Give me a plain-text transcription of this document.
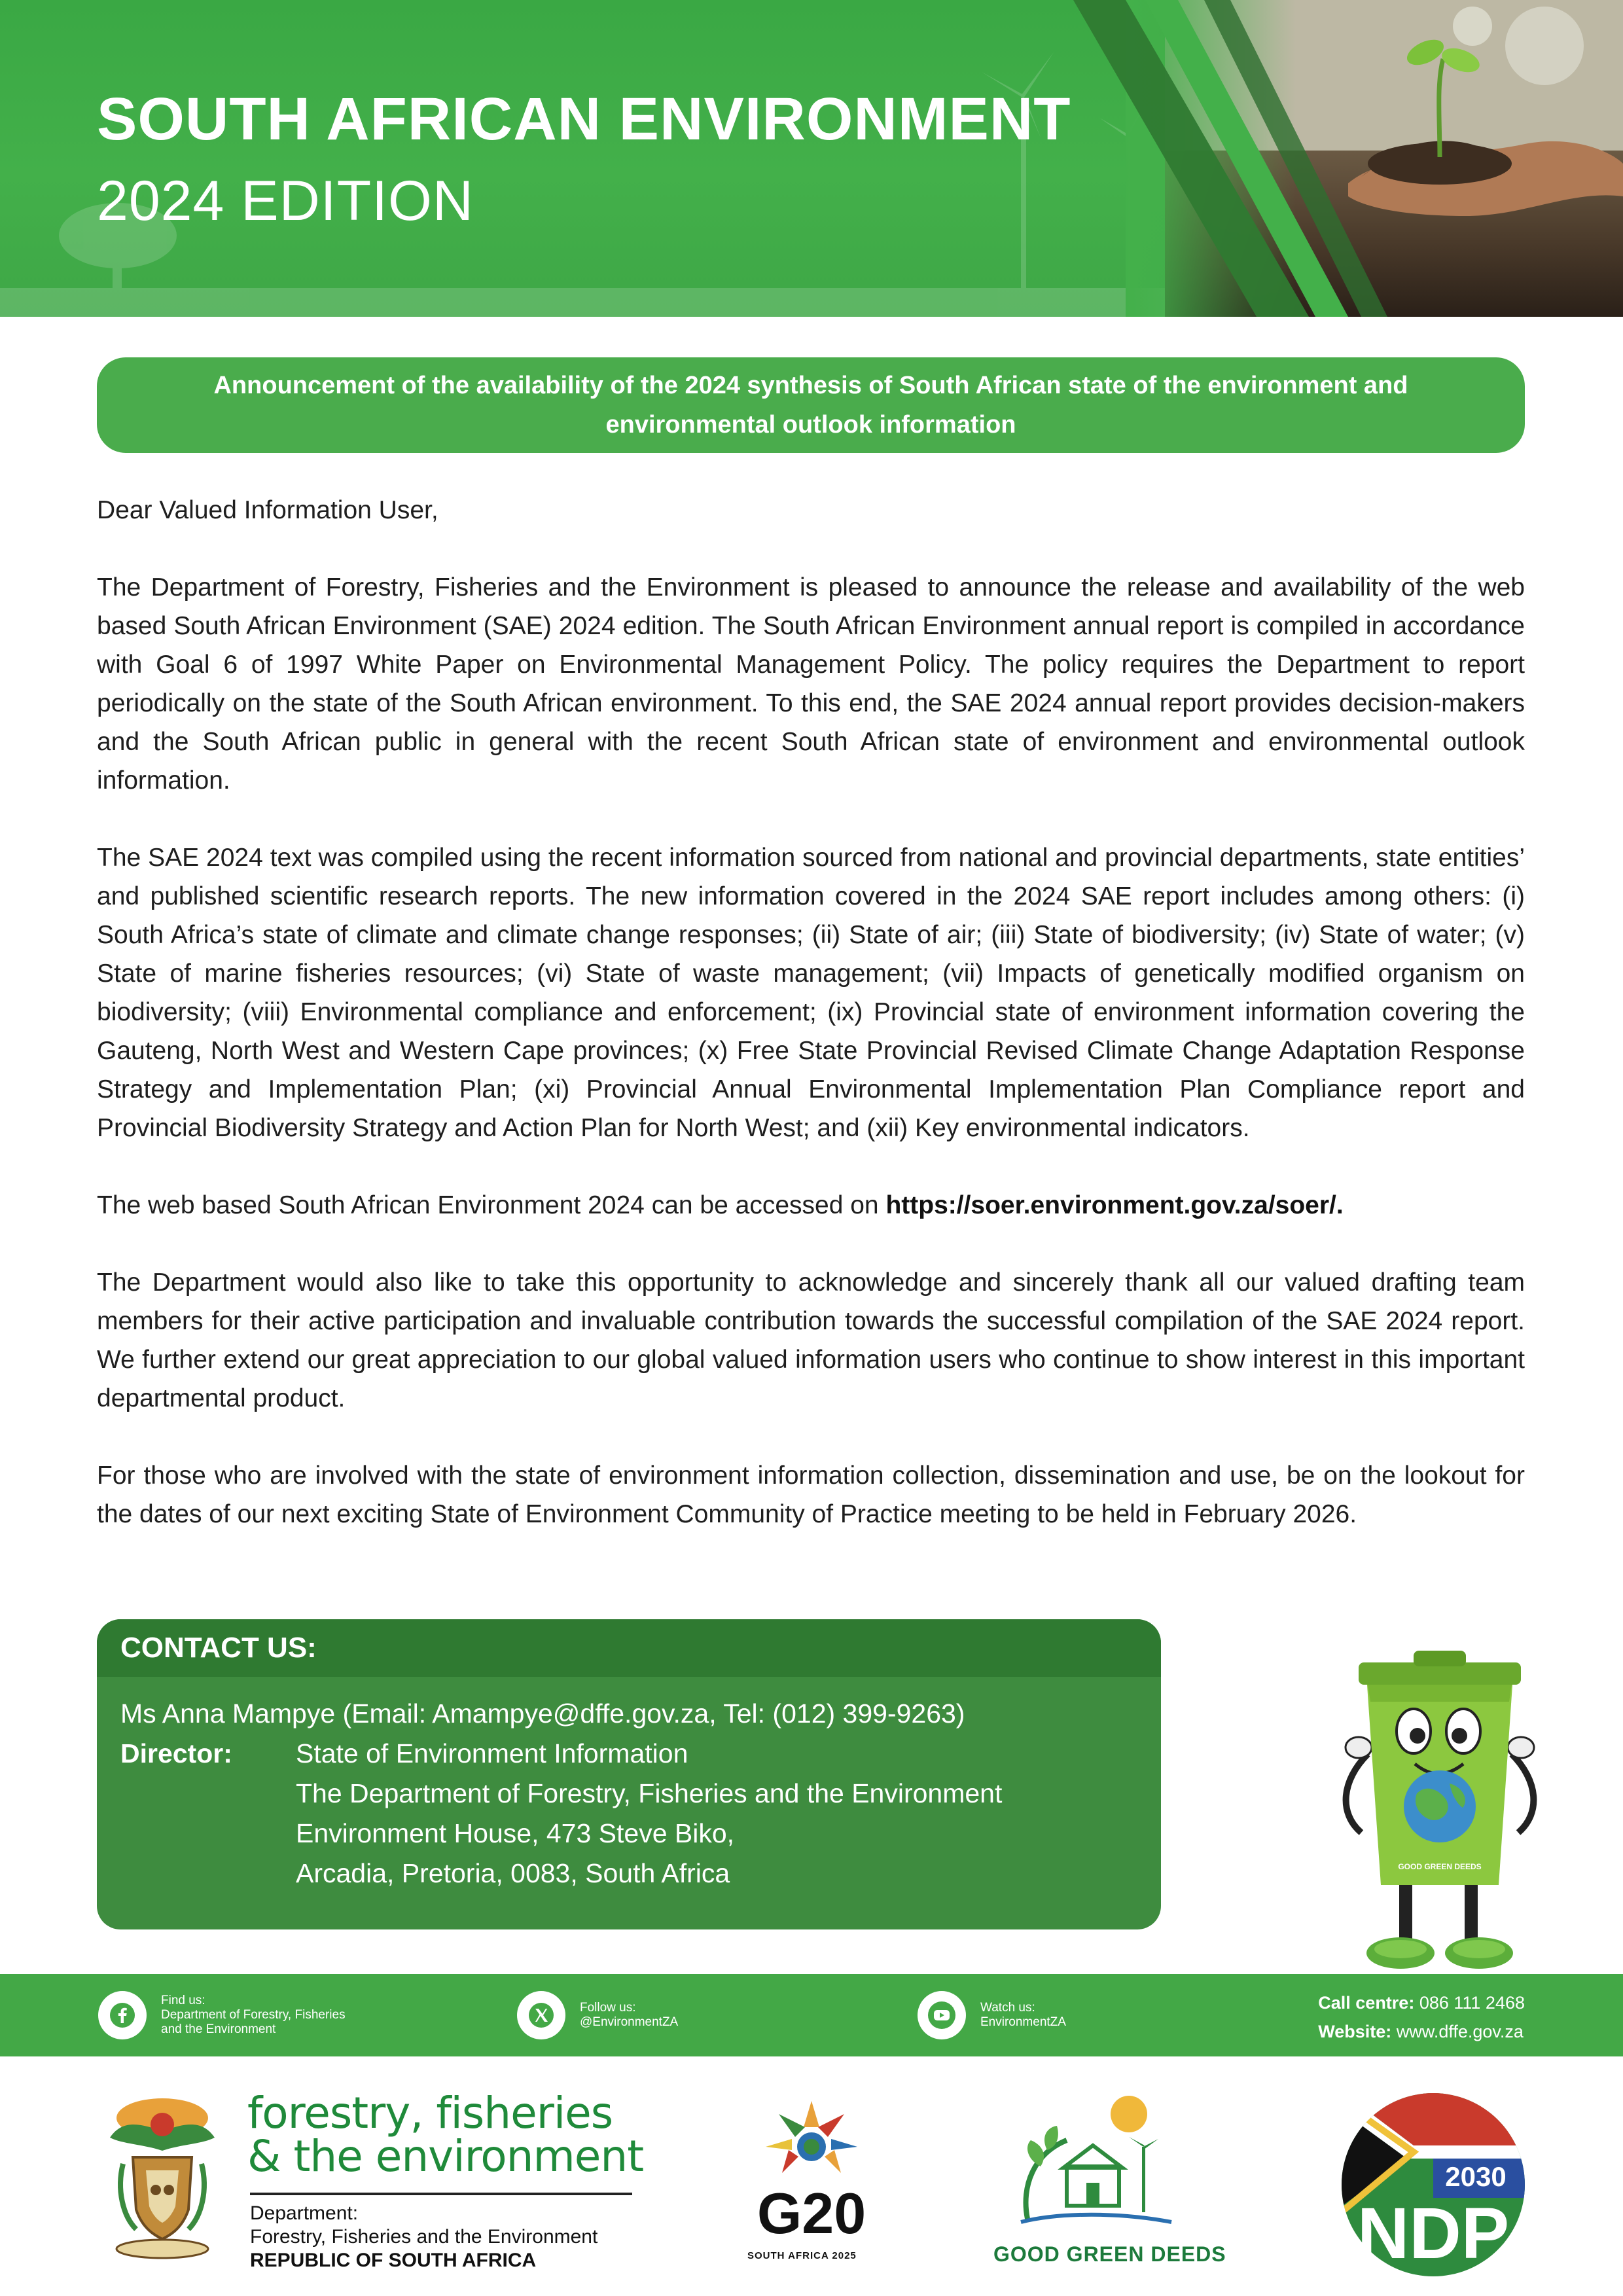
SOUTH AFRICAN ENVIRONMENT
2024 EDITION
Announcement of the availability of the 2024 synthesis of South African state of the environment and
environmental outlook information

Dear Valued Information User,

The Department of Forestry, Fisheries and the Environment is pleased to announce the release and availability of the web based South African Environment (SAE) 2024 edition. The South African Environment annual report is compiled in accordance with Goal 6 of 1997 White Paper on Environmental Management Policy. The policy requires the Department to report periodically on the state of the South African environment. To this end, the SAE 2024 annual report provides decision-makers and the South African public in general with the recent South African state of environment and environmental outlook information.

The SAE 2024 text was compiled using the recent information sourced from national and provincial departments, state entities’ and published scientific research reports. The new information covered in the 2024 SAE report includes among others: (i) South Africa’s state of climate and climate change responses; (ii) State of air; (iii) State of biodiversity; (iv) State of water; (v) State of marine fisheries resources; (vi) State of waste management; (vii) Impacts of genetically modified organism on biodiversity; (viii) Environmental compliance and enforcement; (ix) Provincial state of environment information covering the Gauteng, North West and Western Cape provinces; (x) Free State Provincial Revised Climate Change Adaptation Response Strategy and Implementation Plan; (xi) Provincial Annual Environmental Implementation Plan Compliance report and Provincial Biodiversity Strategy and Action Plan for North West; and (xii) Key environmental indicators.

The web based South African Environment 2024 can be accessed on https://soer.environment.gov.za/soer/.

The Department would also like to take this opportunity to acknowledge and sincerely thank all our valued drafting team members for their active participation and invaluable contribution towards the successful compilation of the SAE 2024 report. We further extend our great appreciation to our global valued information users who continue to show interest in this important departmental product.

For those who are involved with the state of environment information collection, dissemination and use, be on the lookout for the dates of our next exciting State of Environment Community of Practice meeting to be held in February 2026.

CONTACT US:
Ms Anna Mampye (Email: Amampye@dffe.gov.za, Tel: (012) 399-9263)
Director:	State of Environment Information
The Department of Forestry, Fisheries and the Environment
Environment House, 473 Steve Biko,
Arcadia, Pretoria, 0083, South Africa	GOOD GREEN DEEDS
Find us:
Department of Forestry, Fisheries
and the Environment
Follow us:
@EnvironmentZA
Watch us:
EnvironmentZA
Call centre: 086 111 2468
Website: www.dffe.gov.za
forestry, fisheries
& the environment
Department:
Forestry, Fisheries and the Environment
REPUBLIC OF SOUTH AFRICA
G20
SOUTH AFRICA 2025	GOOD GREEN DEEDS
2030
NDP
